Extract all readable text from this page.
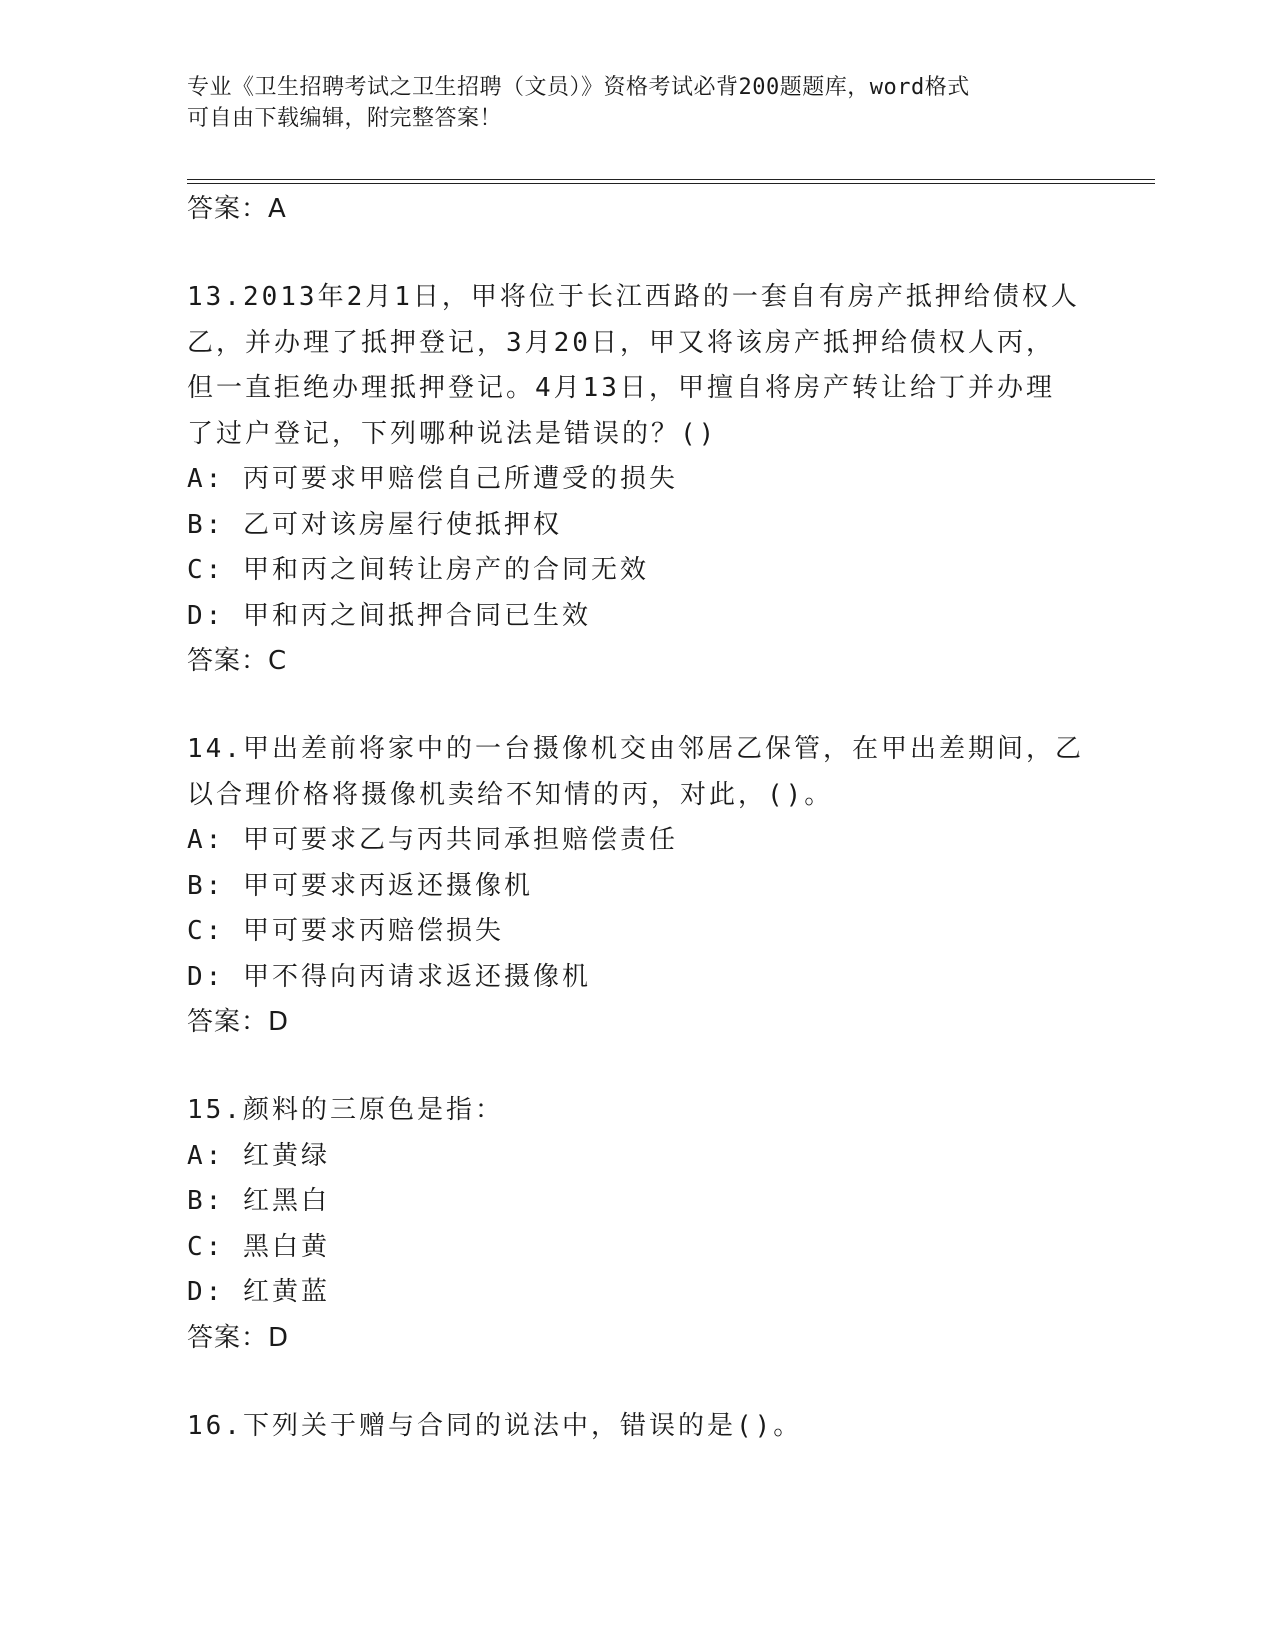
专业《卫生招聘考试之卫生招聘（文员）》资格考试必背200题题库，word格式
可自由下载编辑，附完整答案！
答案：A
13.2013年2月1日，甲将位于长江西路的一套自有房产抵押给债权人
乙，并办理了抵押登记，3月20日，甲又将该房产抵押给债权人丙，
但一直拒绝办理抵押登记。4月13日，甲擅自将房产转让给丁并办理
了过户登记，下列哪种说法是错误的？()
A: 丙可要求甲赔偿自己所遭受的损失
B: 乙可对该房屋行使抵押权
C: 甲和丙之间转让房产的合同无效
D: 甲和丙之间抵押合同已生效
答案：C
14.甲出差前将家中的一台摄像机交由邻居乙保管，在甲出差期间，乙
以合理价格将摄像机卖给不知情的丙，对此，()。
A: 甲可要求乙与丙共同承担赔偿责任
B: 甲可要求丙返还摄像机
C: 甲可要求丙赔偿损失
D: 甲不得向丙请求返还摄像机
答案：D
15.颜料的三原色是指：
A: 红黄绿
B: 红黑白
C: 黑白黄
D: 红黄蓝
答案：D
16.下列关于赠与合同的说法中，错误的是()。
